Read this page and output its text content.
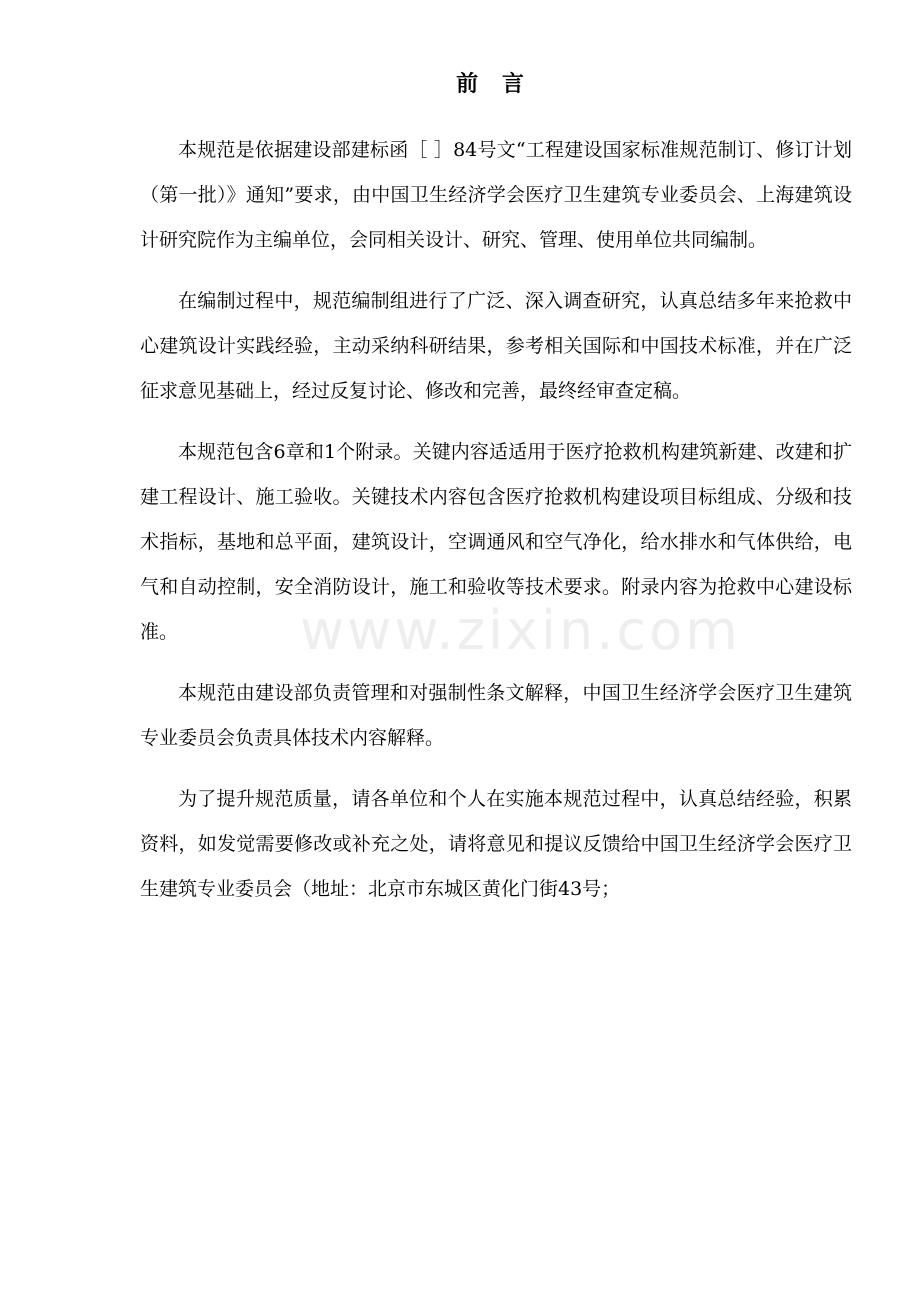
前 言

本规范是依据建设部建标函［ ］84号文“工程建设国家标准规范制订、修订计划（第一批）》通知”要求，由中国卫生经济学会医疗卫生建筑专业委员会、上海建筑设计研究院作为主编单位，会同相关设计、研究、管理、使用单位共同编制。

在编制过程中，规范编制组进行了广泛、深入调查研究，认真总结多年来抢救中心建筑设计实践经验，主动采纳科研结果，参考相关国际和中国技术标准，并在广泛征求意见基础上，经过反复讨论、修改和完善，最终经审查定稿。

本规范包含6章和1个附录。关键内容适适用于医疗抢救机构建筑新建、改建和扩建工程设计、施工验收。关键技术内容包含医疗抢救机构建设项目标组成、分级和技术指标，基地和总平面，建筑设计，空调通风和空气净化，给水排水和气体供给，电气和自动控制，安全消防设计，施工和验收等技术要求。附录内容为抢救中心建设标准。

本规范由建设部负责管理和对强制性条文解释，中国卫生经济学会医疗卫生建筑专业委员会负责具体技术内容解释。

为了提升规范质量，请各单位和个人在实施本规范过程中，认真总结经验，积累资料，如发觉需要修改或补充之处，请将意见和提议反馈给中国卫生经济学会医疗卫生建筑专业委员会（地址：北京市东城区黄化门街43号；

www.zixin.com
